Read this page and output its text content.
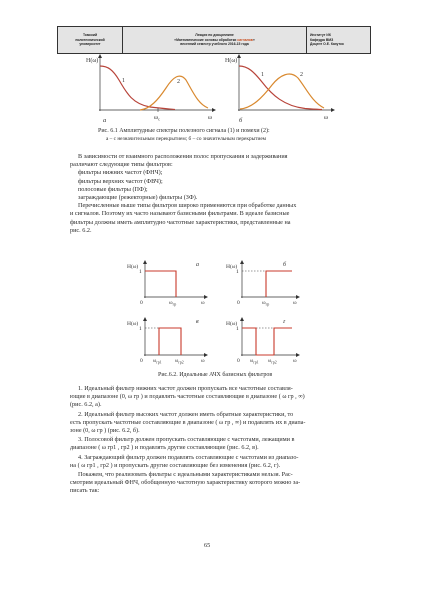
Томский
политехнический
университет
Лекция по дисциплине
«Математические основы обработки сигналов»
весенний семестр учебного 2016-15 года
Институт ИК
Кафедра ВМЗ
Доцент О.Е. Казутко
H(ω)
1	2
$\omega_c$	ω
а
H(ω)
1	2
ω
б
Рис. 6.1 Амплитудные спектры полезного сигнала (1) и помехи (2):
а – с незначительным перекрытием; б – со значительным перекрытием
В зависимости от взаимного расположения полос пропускания и задерживания
различают следующие типы фильтров:
фильтры нижних частот (ФНЧ);
фильтры верхних частот (ФВЧ);
полосовые фильтры (ПФ);
заграждающие (режекторные) фильтры (ЗФ).
Перечисленные выше типы фильтров широко применяются при обработке данных
и сигналов. Поэтому их часто называют базисными фильтрами. В идеале базисные
фильтры должны иметь амплитудно частотные характеристики, представленные на
рис. 6.2.
H(ω)
1
0	$\omega_{гр}$	ω
а	H(ω)
1
0	$\omega_{гр}$	ω
б
H(ω)
1
0 $\omega_{гр1}$	$\omega_{гр2}$	ω
в	H(ω)
1
0 $\omega_{гр1}$ $\omega_{гр2}$	ω
г
Рис.6.2. Идеальные АЧХ базисных фильтров
1. Идеальный фильтр нижних частот должен пропускать все частотные составля-
ющие в диапазоне (0, ω гр ) и подавлять частотные составляющие в диапазоне ( ω гр , ∞)
(рис. 6.2, а).
2. Идеальный фильтр высоких частот должен иметь обратные характеристики, то
есть пропускать частотные составляющие в диапазоне ( ω гр , ∞) и подавлять их в диапа-
зоне (0, ω гр ) (рис. 6.2, б).
3. Полосовой фильтр должен пропускать составляющие с частотами, лежащими в
диапазоне ( ω гр1 , гр2 ) и подавлять другие составляющие (рис. 6.2, в).
4. Заграждающий фильтр должен подавлять составляющие с частотами из диапазо-
на ( ω гр1 , гр2 ) и пропускать другие составляющие без изменения (рис. 6.2, г).
Покажем, что реализовать фильтры с идеальными характеристиками нельзя. Рас-
смотрим идеальный ФНЧ, обобщенную частотную характеристику которого можно за-
писать так:
65
